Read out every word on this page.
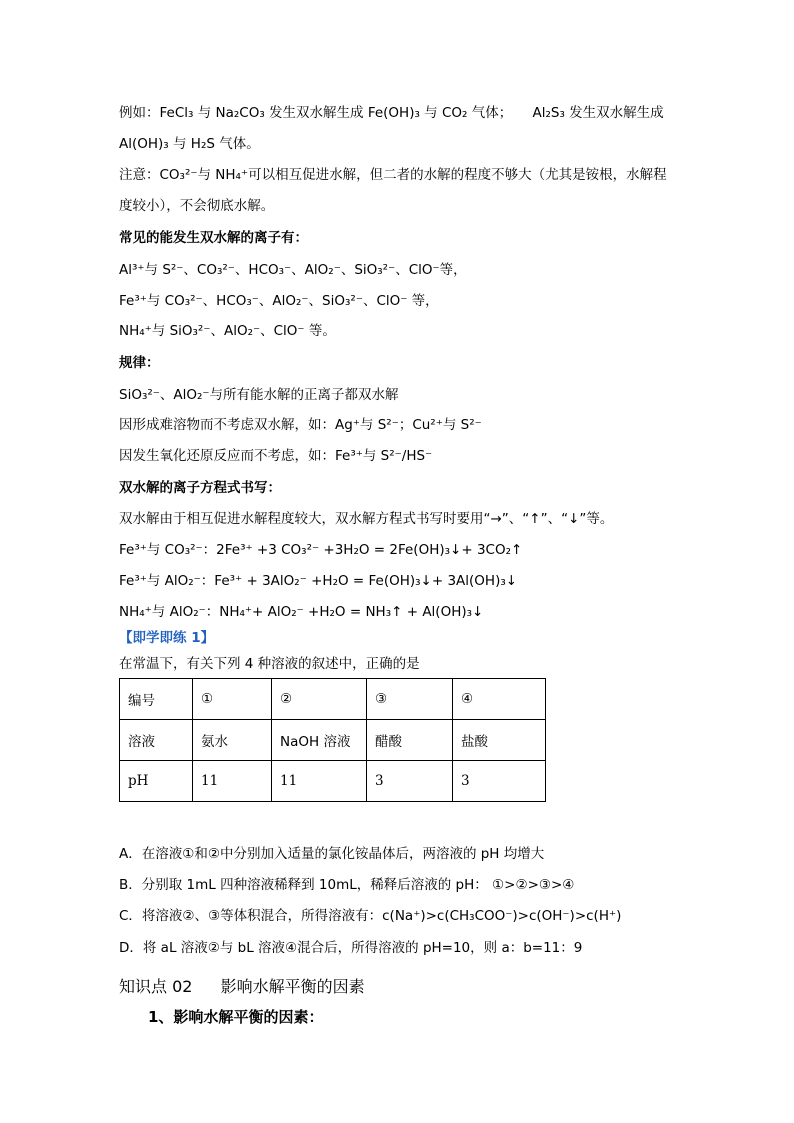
例如：FeCl₃ 与 Na₂CO₃ 发生双水解生成 Fe(OH)₃ 与 CO₂ 气体；　　Al₂S₃ 发生双水解生成
Al(OH)₃ 与 H₂S 气体。
注意：CO₃²⁻与 NH₄⁺可以相互促进水解，但二者的水解的程度不够大（尤其是铵根，水解程
度较小），不会彻底水解。
常见的能发生双水解的离子有：
Al³⁺与 S²⁻、CO₃²⁻、HCO₃⁻、AlO₂⁻、SiO₃²⁻、ClO⁻等，
Fe³⁺与 CO₃²⁻、HCO₃⁻、AlO₂⁻、SiO₃²⁻、ClO⁻ 等，
NH₄⁺与 SiO₃²⁻、AlO₂⁻、ClO⁻ 等。
规律：
SiO₃²⁻、AlO₂⁻与所有能水解的正离子都双水解
因形成难溶物而不考虑双水解，如：Ag⁺与 S²⁻；Cu²⁺与 S²⁻
因发生氧化还原反应而不考虑，如：Fe³⁺与 S²⁻/HS⁻
双水解的离子方程式书写：
双水解由于相互促进水解程度较大，双水解方程式书写时要用“→”、“↑”、“↓”等。
Fe³⁺与 CO₃²⁻：2Fe³⁺ +3 CO₃²⁻ +3H₂O = 2Fe(OH)₃↓+ 3CO₂↑
Fe³⁺与 AlO₂⁻：Fe³⁺ + 3AlO₂⁻ +H₂O = Fe(OH)₃↓+ 3Al(OH)₃↓
NH₄⁺与 AlO₂⁻：NH₄⁺+ AlO₂⁻ +H₂O = NH₃↑ + Al(OH)₃↓
【即学即练 1】
在常温下，有关下列 4 种溶液的叙述中，正确的是
编号	①	②	③	④
溶液	氨水	NaOH 溶液	醋酸	盐酸
pH	11	11	3	3
A．在溶液①和②中分别加入适量的氯化铵晶体后，两溶液的 pH 均增大
B．分别取 1mL 四种溶液稀释到 10mL，稀释后溶液的 pH： ①>②>③>④
C．将溶液②、③等体积混合，所得溶液有：c(Na⁺)>c(CH₃COO⁻)>c(OH⁻)>c(H⁺)
D．将 aL 溶液②与 bL 溶液④混合后，所得溶液的 pH=10，则 a：b=11：9
知识点 02 影响水解平衡的因素
1、影响水解平衡的因素：
